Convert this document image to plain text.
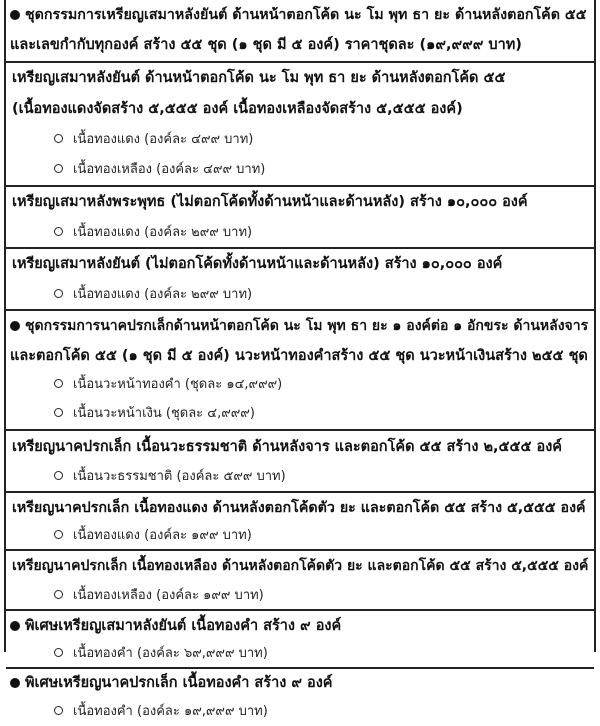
ชุดกรรมการเหรียญเสมาหลังยันต์ ด้านหน้าตอกโค้ด นะ โม พุท ธา ยะ ด้านหลังตอกโค้ด ๕๕
และเลขกำกับทุกองค์ สร้าง ๕๕ ชุด (๑ ชุด มี ๕ องค์) ราคาชุดละ (๑๙,๙๙๙ บาท)
เหรียญเสมาหลังยันต์ ด้านหน้าตอกโค้ด นะ โม พุท ธา ยะ ด้านหลังตอกโค้ด ๕๕
(เนื้อทองแดงจัดสร้าง ๕,๕๕๕ องค์ เนื้อทองเหลืองจัดสร้าง ๕,๕๕๕ องค์)
เนื้อทองแดง (องค์ละ ๔๙๙ บาท)
เนื้อทองเหลือง (องค์ละ ๔๙๙ บาท)
เหรียญเสมาหลังพระพุทธ (ไม่ตอกโค้ดทั้งด้านหน้าและด้านหลัง) สร้าง ๑๐,๐๐๐ องค์
เนื้อทองแดง (องค์ละ ๒๙๙ บาท)
เหรียญเสมาหลังยันต์ (ไม่ตอกโค้ดทั้งด้านหน้าและด้านหลัง) สร้าง ๑๐,๐๐๐ องค์
เนื้อทองแดง (องค์ละ ๒๙๙ บาท)
ชุดกรรมการนาคปรกเล็กด้านหน้าตอกโค้ด นะ โม พุท ธา ยะ ๑ องค์ต่อ ๑ อักขระ ด้านหลังจาร
และตอกโค้ด ๕๕ (๑ ชุด มี ๕ องค์) นวะหน้าทองคำสร้าง ๕๕ ชุด นวะหน้าเงินสร้าง ๒๕๕ ชุด
เนื้อนวะหน้าทองคำ (ชุดละ ๑๔,๙๙๙)
เนื้อนวะหน้าเงิน (ชุดละ ๔,๙๙๙)
เหรียญนาคปรกเล็ก เนื้อนวะธรรมชาติ ด้านหลังจาร และตอกโค้ด ๕๕ สร้าง ๒,๕๕๕ องค์
เนื้อนวะธรรมชาติ (องค์ละ ๕๙๙ บาท)
เหรียญนาคปรกเล็ก เนื้อทองแดง ด้านหลังตอกโค้ดตัว ยะ และตอกโค้ด ๕๕ สร้าง ๕,๕๕๕ องค์
เนื้อทองแดง (องค์ละ ๑๙๙ บาท)
เหรียญนาคปรกเล็ก เนื้อทองเหลือง ด้านหลังตอกโค้ดตัว ยะ และตอกโค้ด ๕๕ สร้าง ๕,๕๕๕ องค์
เนื้อทองเหลือง (องค์ละ ๑๙๙ บาท)
พิเศษเหรียญเสมาหลังยันต์ เนื้อทองคำ สร้าง ๙ องค์
เนื้อทองคำ (องค์ละ ๖๙,๙๙๙ บาท)
พิเศษเหรียญนาคปรกเล็ก เนื้อทองคำ สร้าง ๙ องค์
เนื้อทองคำ (องค์ละ ๑๙,๙๙๙ บาท)
